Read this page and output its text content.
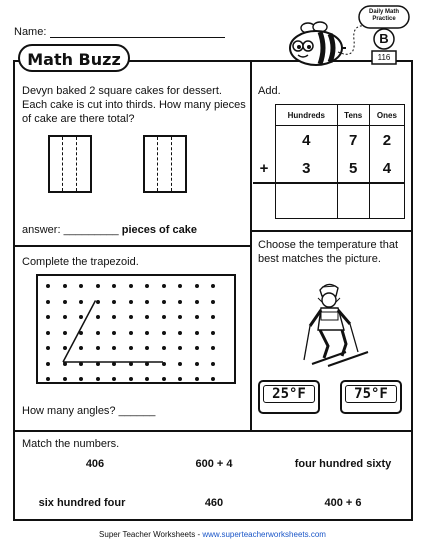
Name:
Math Buzz
Daily Math Practice
B
116
Devyn baked 2 square cakes for dessert. Each cake is cut into thirds. How many pieces of cake are there total?
answer: _________ pieces of cake
Add.
	Hundreds	Tens	Ones
	4	7	2
+	3	5	4

Complete the trapezoid.
How many angles? ______
Choose the temperature that best matches the picture.
25°F	75°F
Match the numbers.
406	600 + 4	four hundred sixty
six hundred four	460	400 + 6
Super Teacher Worksheets - www.superteacherworksheets.com
